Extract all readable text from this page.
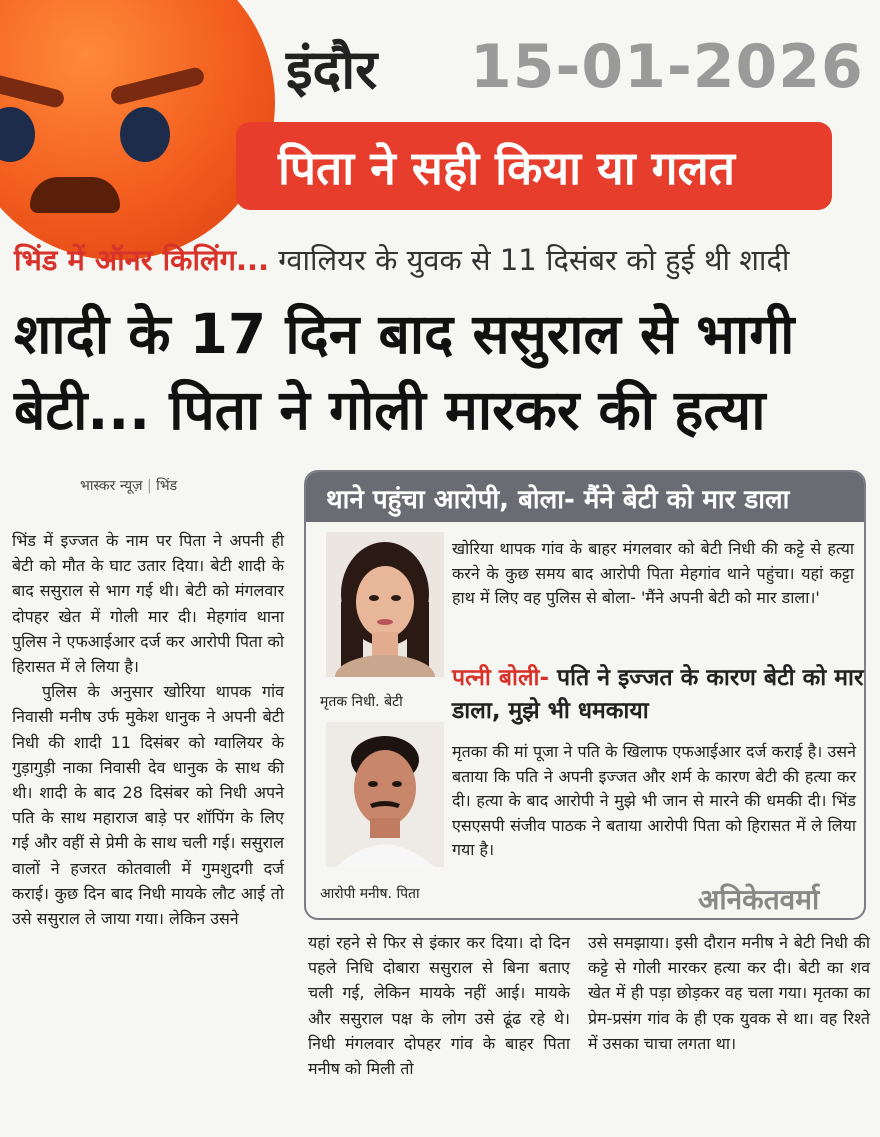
इंदौर 15-01-2026
पिता ने सही किया या गलत
भिंड में ऑनर किलिंग... ग्वालियर के युवक से 11 दिसंबर को हुई थी शादी
शादी के 17 दिन बाद ससुराल से भागी बेटी... पिता ने गोली मारकर की हत्या
भास्कर न्यूज़ | भिंड

भिंड में इज्जत के नाम पर पिता ने अपनी ही बेटी को मौत के घाट उतार दिया। बेटी शादी के बाद ससुराल से भाग गई थी। बेटी को मंगलवार दोपहर खेत में गोली मार दी। मेहगांव थाना पुलिस ने एफआईआर दर्ज कर आरोपी पिता को हिरासत में ले लिया है।

पुलिस के अनुसार खोरिया थापक गांव निवासी मनीष उर्फ मुकेश धानुक ने अपनी बेटी निधी की शादी 11 दिसंबर को ग्वालियर के गुड़ागुड़ी नाका निवासी देव धानुक के साथ की थी। शादी के बाद 28 दिसंबर को निधी अपने पति के साथ महाराज बाड़े पर शॉपिंग के लिए गई और वहीं से प्रेमी के साथ चली गई। ससुराल वालों ने हजरत कोतवाली में गुमशुदगी दर्ज कराई। कुछ दिन बाद निधी मायके लौट आई तो उसे ससुराल ले जाया गया। लेकिन उसने

थाने पहुंचा आरोपी, बोला- मैंने बेटी को मार डाला
मृतक निधी. बेटी
आरोपी मनीष. पिता

खोरिया थापक गांव के बाहर मंगलवार को बेटी निधी की कट्टे से हत्या करने के कुछ समय बाद आरोपी पिता मेहगांव थाने पहुंचा। यहां कट्टा हाथ में लिए वह पुलिस से बोला- 'मैंने अपनी बेटी को मार डाला।'

पत्नी बोली- पति ने इज्जत के कारण बेटी को मार डाला, मुझे भी धमकाया

मृतका की मां पूजा ने पति के खिलाफ एफआईआर दर्ज कराई है। उसने बताया कि पति ने अपनी इज्जत और शर्म के कारण बेटी की हत्या कर दी। हत्या के बाद आरोपी ने मुझे भी जान से मारने की धमकी दी। भिंड एसएसपी संजीव पाठक ने बताया आरोपी पिता को हिरासत में ले लिया गया है।

अनिकेतवर्मा

यहां रहने से फिर से इंकार कर दिया। दो दिन पहले निधि दोबारा ससुराल से बिना बताए चली गई, लेकिन मायके नहीं आई। मायके और ससुराल पक्ष के लोग उसे ढूंढ रहे थे। निधी मंगलवार दोपहर गांव के बाहर पिता मनीष को मिली तो

उसे समझाया। इसी दौरान मनीष ने बेटी निधी की कट्टे से गोली मारकर हत्या कर दी। बेटी का शव खेत में ही पड़ा छोड़कर वह चला गया। मृतका का प्रेम-प्रसंग गांव के ही एक युवक से था। वह रिश्ते में उसका चाचा लगता था।
